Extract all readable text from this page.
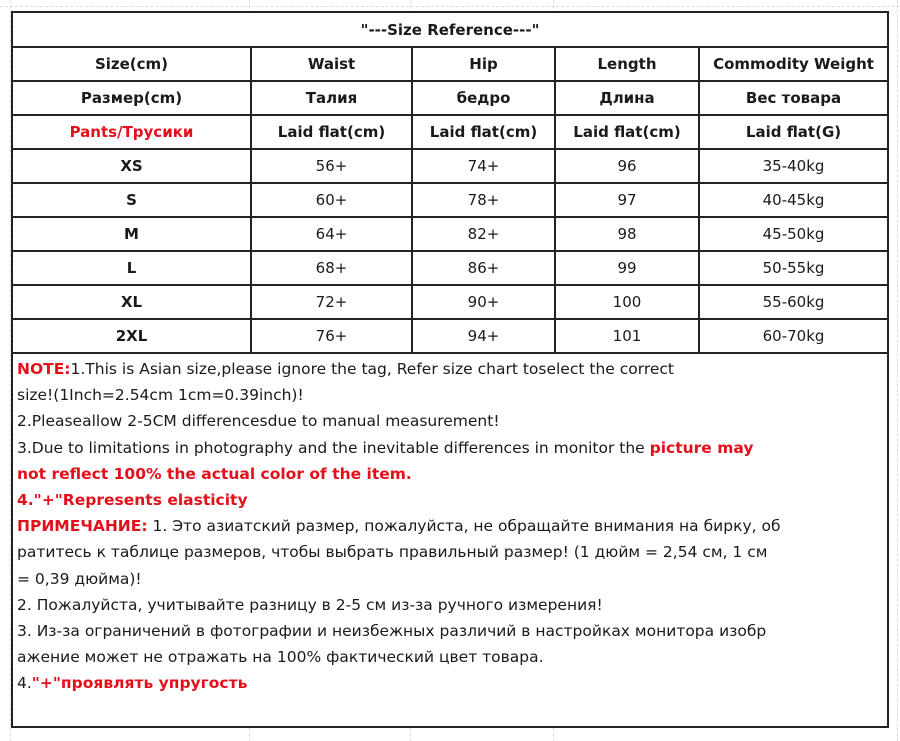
"---Size Reference---"				
Size(cm)	Waist	Hip	Length	Commodity Weight
Размер(cm)	Талия	бедро	Длина	Вес товара
Pants/Трусики	Laid flat(cm)	Laid flat(cm)	Laid flat(cm)	Laid flat(G)
XS	56+	74+	96	35-40kg
S	60+	78+	97	40-45kg
M	64+	82+	98	45-50kg
L	68+	86+	99	50-55kg
XL	72+	90+	100	55-60kg
2XL	76+	94+	101	60-70kg
NOTE:1.This is Asian size,please ignore the tag, Refer size chart toselect the correct
size!(1Inch=2.54cm 1cm=0.39inch)!
2.Pleaseallow 2-5CM differencesdue to manual measurement!
3.Due to limitations in photography and the inevitable differences in monitor the picture may
not reflect 100% the actual color of the item.
4."+"Represents elasticity
ПРИМЕЧАНИЕ: 1. Это азиатский размер, пожалуйста, не обращайте внимания на бирку, об
ратитесь к таблице размеров, чтобы выбрать правильный размер! (1 дюйм = 2,54 см, 1 см
= 0,39 дюйма)!
2. Пожалуйста, учитывайте разницу в 2-5 см из-за ручного измерения!
3. Из-за ограничений в фотографии и неизбежных различий в настройках монитора изобр
ажение может не отражать на 100% фактический цвет товара.
4."+"проявлять упругость
